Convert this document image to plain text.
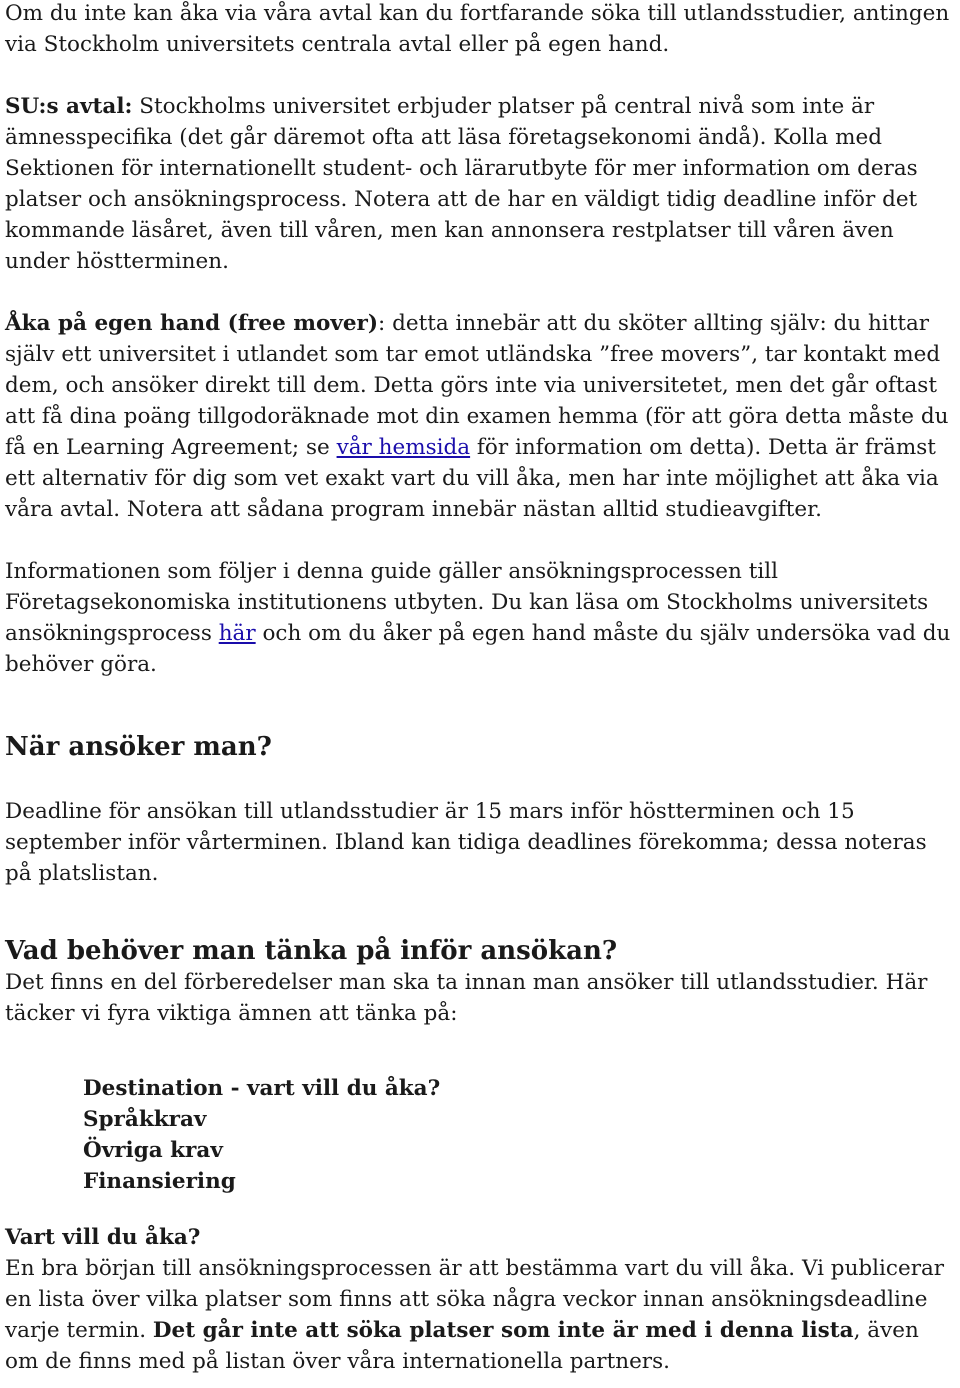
Om du inte kan åka via våra avtal kan du fortfarande söka till utlandsstudier, antingen via Stockholm universitets centrala avtal eller på egen hand.

SU:s avtal: Stockholms universitet erbjuder platser på central nivå som inte är ämnesspecifika (det går däremot ofta att läsa företagsekonomi ändå). Kolla med Sektionen för internationellt student- och lärarutbyte för mer information om deras platser och ansökningsprocess. Notera att de har en väldigt tidig deadline inför det kommande läsåret, även till våren, men kan annonsera restplatser till våren även under höstterminen.

Åka på egen hand (free mover): detta innebär att du sköter allting själv: du hittar själv ett universitet i utlandet som tar emot utländska ”free movers”, tar kontakt med dem, och ansöker direkt till dem. Detta görs inte via universitetet, men det går oftast att få dina poäng tillgodoräknade mot din examen hemma (för att göra detta måste du få en Learning Agreement; se vår hemsida för information om detta). Detta är främst ett alternativ för dig som vet exakt vart du vill åka, men har inte möjlighet att åka via våra avtal. Notera att sådana program innebär nästan alltid studieavgifter.

Informationen som följer i denna guide gäller ansökningsprocessen till Företagsekonomiska institutionens utbyten. Du kan läsa om Stockholms universitets ansökningsprocess här och om du åker på egen hand måste du själv undersöka vad du behöver göra.

När ansöker man?

Deadline för ansökan till utlandsstudier är 15 mars inför höstterminen och 15 september inför vårterminen. Ibland kan tidiga deadlines förekomma; dessa noteras på platslistan.

Vad behöver man tänka på inför ansökan?

Det finns en del förberedelser man ska ta innan man ansöker till utlandsstudier. Här täcker vi fyra viktiga ämnen att tänka på:

Destination - vart vill du åka?
Språkkrav
Övriga krav
Finansiering
Vart vill du åka?

En bra början till ansökningsprocessen är att bestämma vart du vill åka. Vi publicerar en lista över vilka platser som finns att söka några veckor innan ansökningsdeadline varje termin. Det går inte att söka platser som inte är med i denna lista, även om de finns med på listan över våra internationella partners.
